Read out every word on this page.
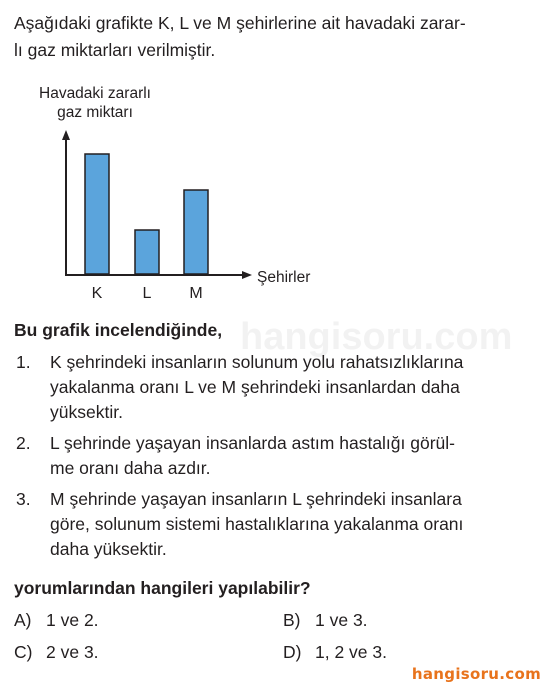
hangisoru.com
Aşağıdaki grafikte K, L ve M şehirlerine ait havadaki zarar-
lı gaz miktarları verilmiştir.
Havadaki zararlı
gaz miktarı
Şehirler
K	L M
Bu grafik incelendiğinde,
1.	K şehrindeki insanların solunum yolu rahatsızlıklarına
yakalanma oranı L ve M şehrindeki insanlardan daha
yüksektir.
2.	L şehrinde yaşayan insanlarda astım hastalığı görül-
me oranı daha azdır.
3.	M şehrinde yaşayan insanların L şehrindeki insanlara
göre, solunum sistemi hastalıklarına yakalanma oranı
daha yüksektir.
yorumlarından hangileri yapılabilir?
A) 1 ve 2.	B) 1 ve 3.
C) 2 ve 3.	D) 1, 2 ve 3.
hangisoru.com
